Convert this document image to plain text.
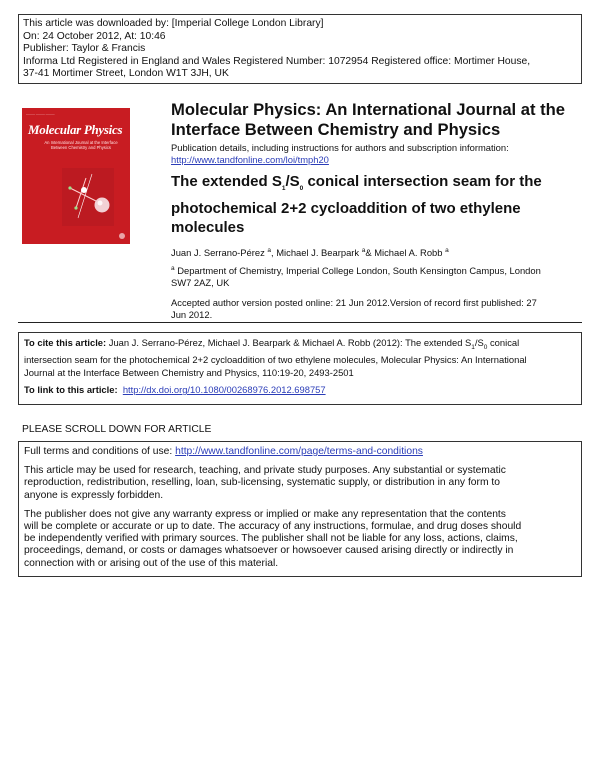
This article was downloaded by: [Imperial College London Library]
On: 24 October 2012, At: 10:46
Publisher: Taylor & Francis
Informa Ltd Registered in England and Wales Registered Number: 1072954 Registered office: Mortimer House,
37-41 Mortimer Street, London W1T 3JH, UK
——— ——— ———
Molecular Physics
An International Journal at the Interface Between Chemistry and Physics
Molecular Physics: An International Journal at the
Interface Between Chemistry and Physics
Publication details, including instructions for authors and subscription information:
http://www.tandfonline.com/loi/tmph20
The extended $S_1/S_0$ conical intersection seam for the
photochemical 2+2 cycloaddition of two ethylene
molecules
Juan J. Serrano-Pérez $^a$, Michael J. Bearpark $^a$& Michael A. Robb $^a$
$^a$ Department of Chemistry, Imperial College London, South Kensington Campus, London
SW7 2AZ, UK
Accepted author version posted online: 21 Jun 2012.Version of record first published: 27
Jun 2012.
To cite this article: Juan J. Serrano-Pérez, Michael J. Bearpark & Michael A. Robb (2012): The extended $S_1/S_0$ conical
intersection seam for the photochemical 2+2 cycloaddition of two ethylene molecules, Molecular Physics: An International
Journal at the Interface Between Chemistry and Physics, 110:19-20, 2493-2501
To link to this article: http://dx.doi.org/10.1080/00268976.2012.698757
PLEASE SCROLL DOWN FOR ARTICLE

Full terms and conditions of use: http://www.tandfonline.com/page/terms-and-conditions

This article may be used for research, teaching, and private study purposes. Any substantial or systematic
reproduction, redistribution, reselling, loan, sub-licensing, systematic supply, or distribution in any form to
anyone is expressly forbidden.

The publisher does not give any warranty express or implied or make any representation that the contents
will be complete or accurate or up to date. The accuracy of any instructions, formulae, and drug doses should
be independently verified with primary sources. The publisher shall not be liable for any loss, actions, claims,
proceedings, demand, or costs or damages whatsoever or howsoever caused arising directly or indirectly in
connection with or arising out of the use of this material.
